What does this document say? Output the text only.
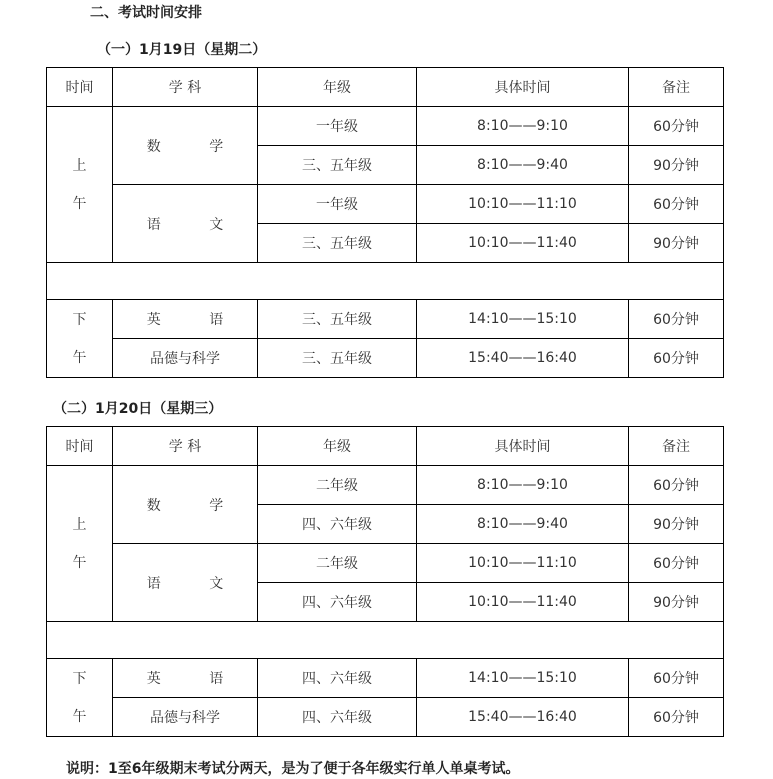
二、考试时间安排
（一）1月19日（星期二）
时间	学 科	年级	具体时间	备注

上
午	数 学	一年级	8:10——9:10	60分钟
		三、五年级	8:10——9:40	90分钟
	语 文	一年级	10:10——11:10	60分钟
		三、五年级	10:10——11:40	90分钟

下
午	英 语	三、五年级	14:10——15:10	60分钟
	品德与科学	三、五年级	15:40——16:40	60分钟
（二）1月20日（星期三）
时间	学 科	年级	具体时间	备注

上
午	数 学	二年级	8:10——9:10	60分钟
		四、六年级	8:10——9:40	90分钟
	语 文	二年级	10:10——11:10	60分钟
		四、六年级	10:10——11:40	90分钟

下
午	英 语	四、六年级	14:10——15:10	60分钟
	品德与科学	四、六年级	15:40——16:40	60分钟
说明：1至6年级期末考试分两天，是为了便于各年级实行单人单桌考试。
